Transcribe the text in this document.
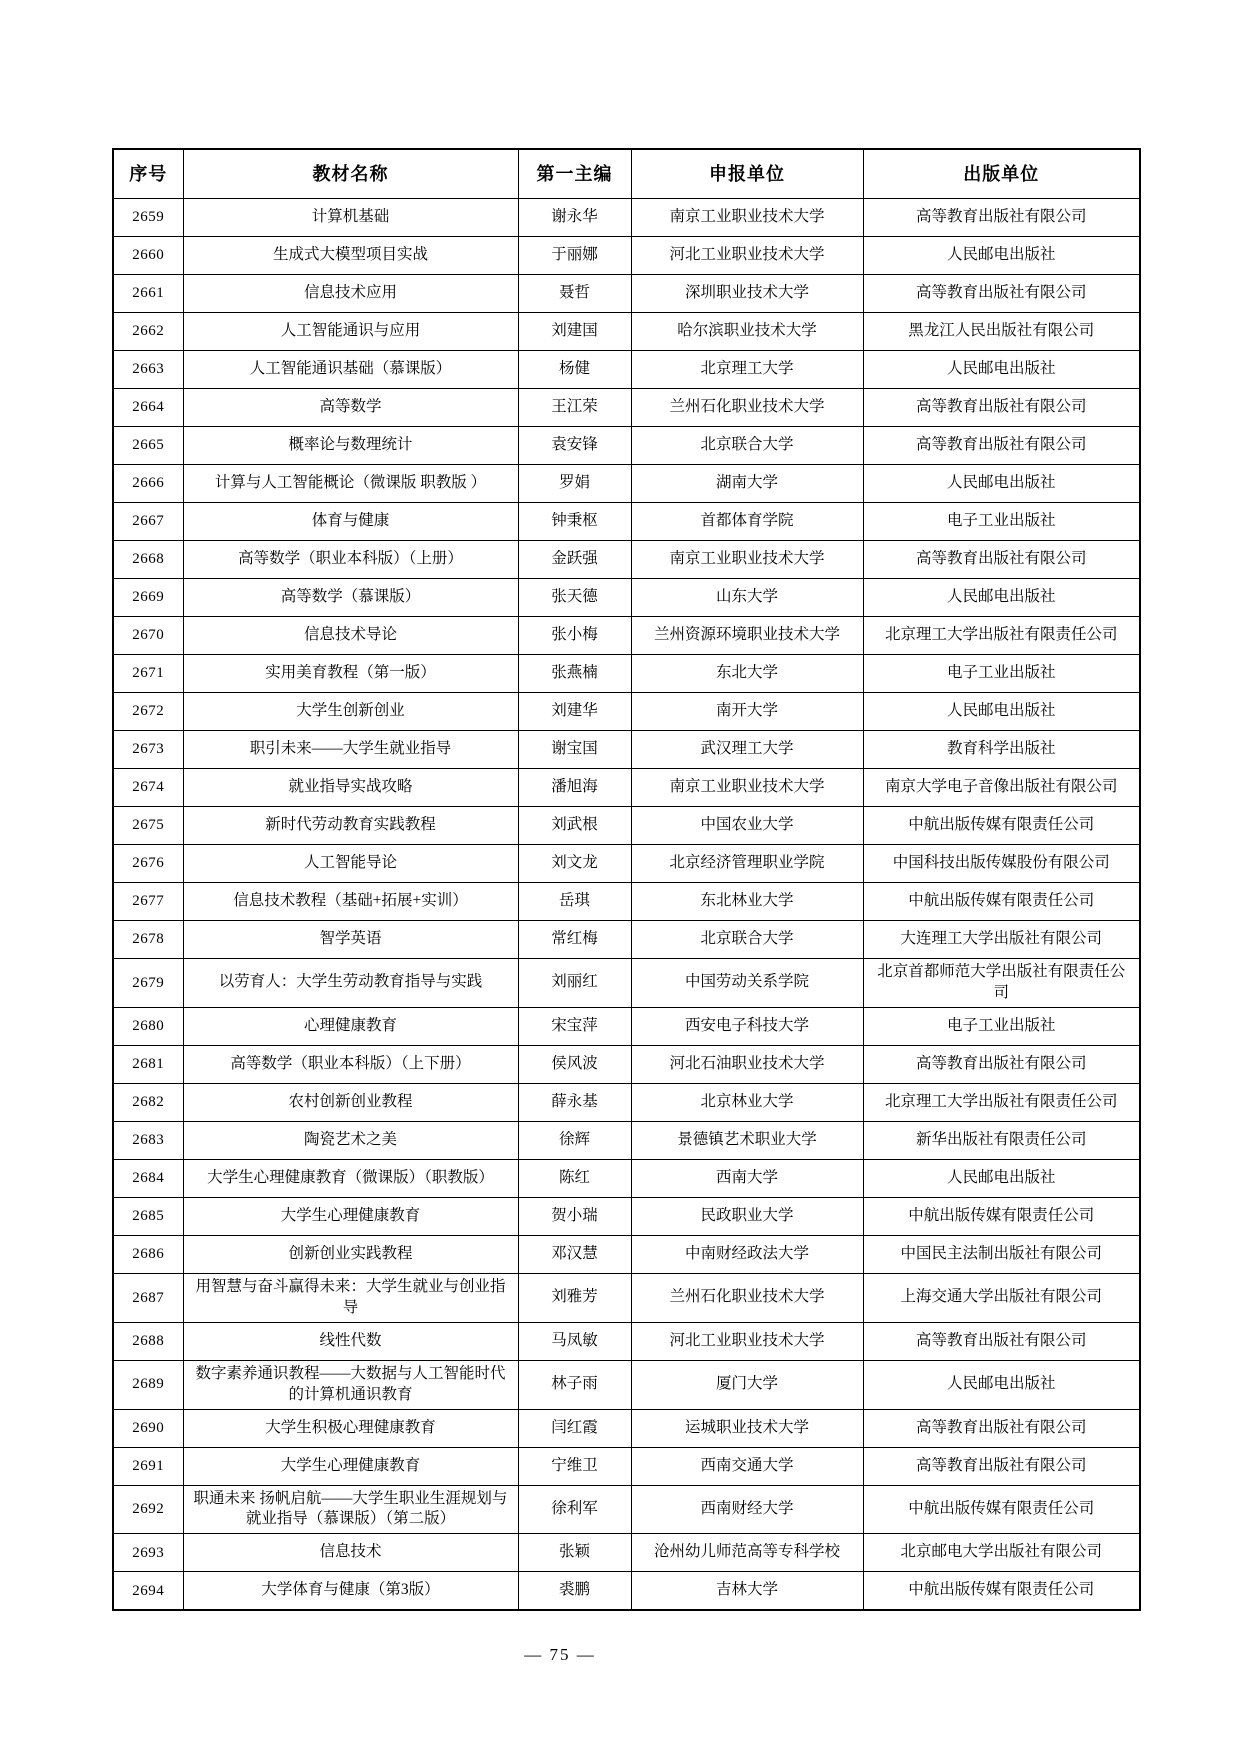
序号	教材名称	第一主编	申报单位	出版单位
2659	计算机基础	谢永华	南京工业职业技术大学	高等教育出版社有限公司
2660	生成式大模型项目实战	于丽娜	河北工业职业技术大学	人民邮电出版社
2661	信息技术应用	聂哲	深圳职业技术大学	高等教育出版社有限公司
2662	人工智能通识与应用	刘建国	哈尔滨职业技术大学	黑龙江人民出版社有限公司
2663	人工智能通识基础（慕课版）	杨健	北京理工大学	人民邮电出版社
2664	高等数学	王江荣	兰州石化职业技术大学	高等教育出版社有限公司
2665	概率论与数理统计	袁安锋	北京联合大学	高等教育出版社有限公司
2666	计算与人工智能概论（微课版 职教版 ）	罗娟	湖南大学	人民邮电出版社
2667	体育与健康	钟秉枢	首都体育学院	电子工业出版社
2668	高等数学（职业本科版）（上册）	金跃强	南京工业职业技术大学	高等教育出版社有限公司
2669	高等数学（慕课版）	张天德	山东大学	人民邮电出版社
2670	信息技术导论	张小梅	兰州资源环境职业技术大学	北京理工大学出版社有限责任公司
2671	实用美育教程（第一版）	张燕楠	东北大学	电子工业出版社
2672	大学生创新创业	刘建华	南开大学	人民邮电出版社
2673	职引未来——大学生就业指导	谢宝国	武汉理工大学	教育科学出版社
2674	就业指导实战攻略	潘旭海	南京工业职业技术大学	南京大学电子音像出版社有限公司
2675	新时代劳动教育实践教程	刘武根	中国农业大学	中航出版传媒有限责任公司
2676	人工智能导论	刘文龙	北京经济管理职业学院	中国科技出版传媒股份有限公司
2677	信息技术教程（基础+拓展+实训）	岳琪	东北林业大学	中航出版传媒有限责任公司
2678	智学英语	常红梅	北京联合大学	大连理工大学出版社有限公司
2679	以劳育人：大学生劳动教育指导与实践	刘丽红	中国劳动关系学院	北京首都师范大学出版社有限责任公司
2680	心理健康教育	宋宝萍	西安电子科技大学	电子工业出版社
2681	高等数学（职业本科版）（上下册）	侯风波	河北石油职业技术大学	高等教育出版社有限公司
2682	农村创新创业教程	薛永基	北京林业大学	北京理工大学出版社有限责任公司
2683	陶瓷艺术之美	徐辉	景德镇艺术职业大学	新华出版社有限责任公司
2684	大学生心理健康教育（微课版）（职教版）	陈红	西南大学	人民邮电出版社
2685	大学生心理健康教育	贺小瑞	民政职业大学	中航出版传媒有限责任公司
2686	创新创业实践教程	邓汉慧	中南财经政法大学	中国民主法制出版社有限公司
2687	用智慧与奋斗赢得未来：大学生就业与创业指导	刘雅芳	兰州石化职业技术大学	上海交通大学出版社有限公司
2688	线性代数	马凤敏	河北工业职业技术大学	高等教育出版社有限公司
2689	数字素养通识教程——大数据与人工智能时代的计算机通识教育	林子雨	厦门大学	人民邮电出版社
2690	大学生积极心理健康教育	闫红霞	运城职业技术大学	高等教育出版社有限公司
2691	大学生心理健康教育	宁维卫	西南交通大学	高等教育出版社有限公司
2692	职通未来 扬帆启航——大学生职业生涯规划与就业指导（慕课版）（第二版）	徐利军	西南财经大学	中航出版传媒有限责任公司
2693	信息技术	张颖	沧州幼儿师范高等专科学校	北京邮电大学出版社有限公司
2694	大学体育与健康（第3版）	裘鹏	吉林大学	中航出版传媒有限责任公司
— 75 —
